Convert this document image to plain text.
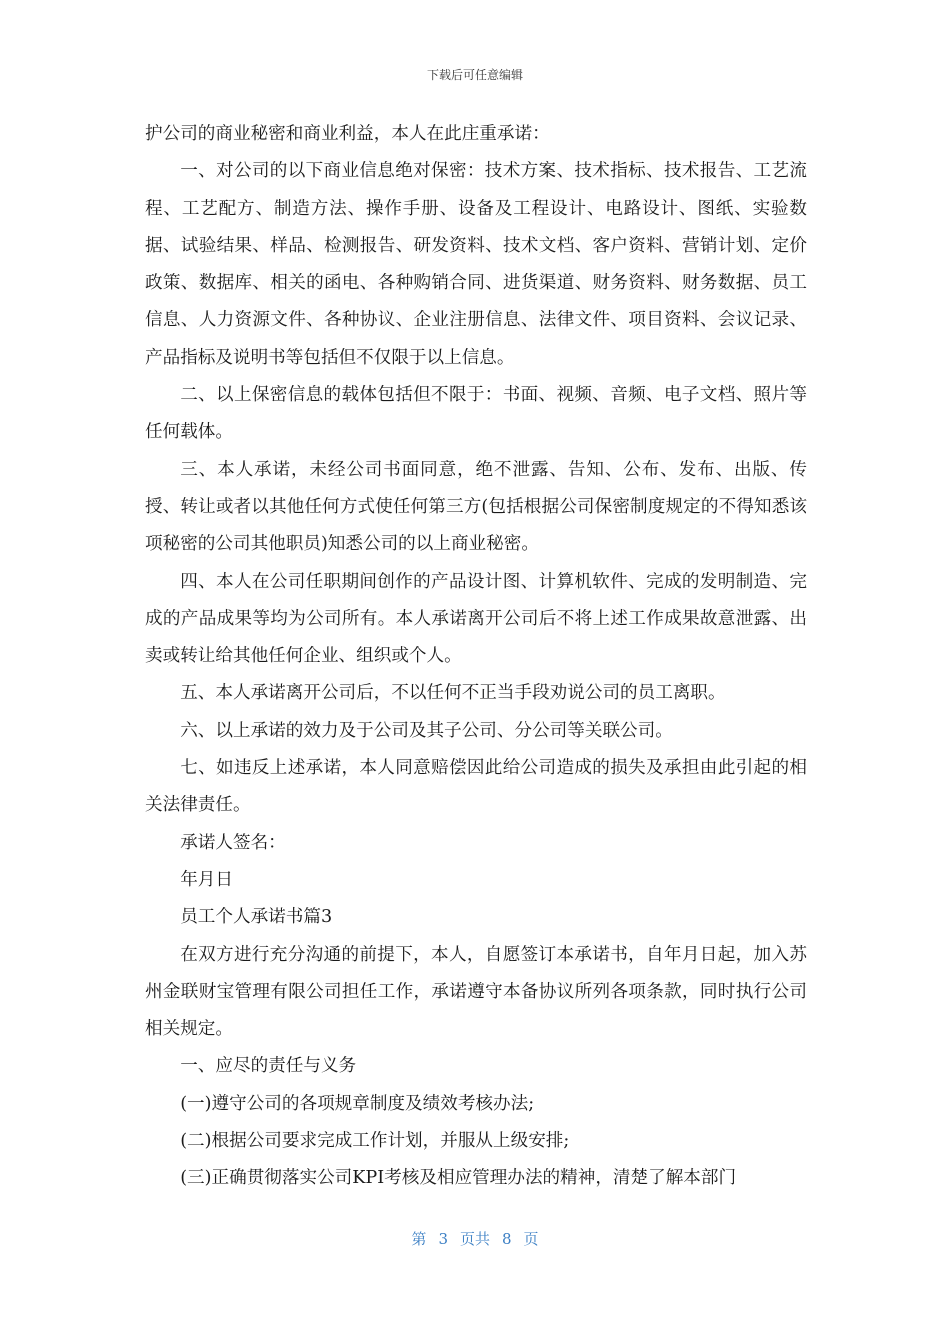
下载后可任意编辑

护公司的商业秘密和商业利益，本人在此庄重承诺：

一、对公司的以下商业信息绝对保密：技术方案、技术指标、技术报告、工艺流程、工艺配方、制造方法、操作手册、设备及工程设计、电路设计、图纸、实验数据、试验结果、样品、检测报告、研发资料、技术文档、客户资料、营销计划、定价政策、数据库、相关的函电、各种购销合同、进货渠道、财务资料、财务数据、员工信息、人力资源文件、各种协议、企业注册信息、法律文件、项目资料、会议记录、产品指标及说明书等包括但不仅限于以上信息。

二、以上保密信息的载体包括但不限于：书面、视频、音频、电子文档、照片等任何载体。

三、本人承诺，未经公司书面同意，绝不泄露、告知、公布、发布、出版、传授、转让或者以其他任何方式使任何第三方(包括根据公司保密制度规定的不得知悉该项秘密的公司其他职员)知悉公司的以上商业秘密。

四、本人在公司任职期间创作的产品设计图、计算机软件、完成的发明制造、完成的产品成果等均为公司所有。本人承诺离开公司后不将上述工作成果故意泄露、出卖或转让给其他任何企业、组织或个人。

五、本人承诺离开公司后，不以任何不正当手段劝说公司的员工离职。

六、以上承诺的效力及于公司及其子公司、分公司等关联公司。

七、如违反上述承诺，本人同意赔偿因此给公司造成的损失及承担由此引起的相关法律责任。

承诺人签名：

年月日

员工个人承诺书篇3

在双方进行充分沟通的前提下，本人，自愿签订本承诺书，自年月日起，加入苏州金联财宝管理有限公司担任工作，承诺遵守本备协议所列各项条款，同时执行公司相关规定。

一、应尽的责任与义务

(一)遵守公司的各项规章制度及绩效考核办法;

(二)根据公司要求完成工作计划，并服从上级安排;

(三)正确贯彻落实公司KPI考核及相应管理办法的精神，清楚了解本部门

第 3 页共 8 页
